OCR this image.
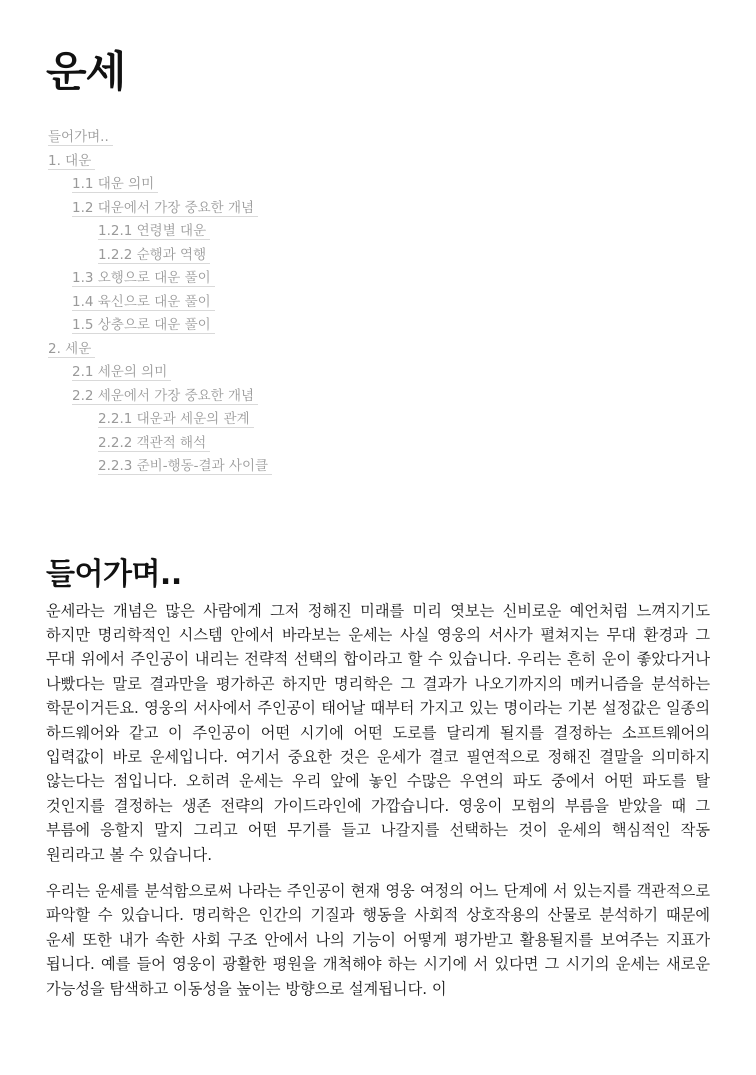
운세
들어가며..
1. 대운
1.1 대운 의미
1.2 대운에서 가장 중요한 개념
1.2.1 연령별 대운
1.2.2 순행과 역행
1.3 오행으로 대운 풀이
1.4 육신으로 대운 풀이
1.5 상충으로 대운 풀이
2. 세운
2.1 세운의 의미
2.2 세운에서 가장 중요한 개념
2.2.1 대운과 세운의 관계
2.2.2 객관적 해석
2.2.3 준비-행동-결과 사이클
들어가며..

운세라는 개념은 많은 사람에게 그저 정해진 미래를 미리 엿보는 신비로운 예언처럼 느껴지기도 하지만 명리학적인 시스템 안에서 바라보는 운세는 사실 영웅의 서사가 펼쳐지는 무대 환경과 그 무대 위에서 주인공이 내리는 전략적 선택의 합이라고 할 수 있습니다. 우리는 흔히 운이 좋았다거나 나빴다는 말로 결과만을 평가하곤 하지만 명리학은 그 결과가 나오기까지의 메커니즘을 분석하는 학문이거든요. 영웅의 서사에서 주인공이 태어날 때부터 가지고 있는 명이라는 기본 설정값은 일종의 하드웨어와 같고 이 주인공이 어떤 시기에 어떤 도로를 달리게 될지를 결정하는 소프트웨어의 입력값이 바로 운세입니다. 여기서 중요한 것은 운세가 결코 필연적으로 정해진 결말을 의미하지 않는다는 점입니다. 오히려 운세는 우리 앞에 놓인 수많은 우연의 파도 중에서 어떤 파도를 탈 것인지를 결정하는 생존 전략의 가이드라인에 가깝습니다. 영웅이 모험의 부름을 받았을 때 그 부름에 응할지 말지 그리고 어떤 무기를 들고 나갈지를 선택하는 것이 운세의 핵심적인 작동 원리라고 볼 수 있습니다.

우리는 운세를 분석함으로써 나라는 주인공이 현재 영웅 여정의 어느 단계에 서 있는지를 객관적으로 파악할 수 있습니다. 명리학은 인간의 기질과 행동을 사회적 상호작용의 산물로 분석하기 때문에 운세 또한 내가 속한 사회 구조 안에서 나의 기능이 어떻게 평가받고 활용될지를 보여주는 지표가 됩니다. 예를 들어 영웅이 광활한 평원을 개척해야 하는 시기에 서 있다면 그 시기의 운세는 새로운 가능성을 탐색하고 이동성을 높이는 방향으로 설계됩니다. 이
